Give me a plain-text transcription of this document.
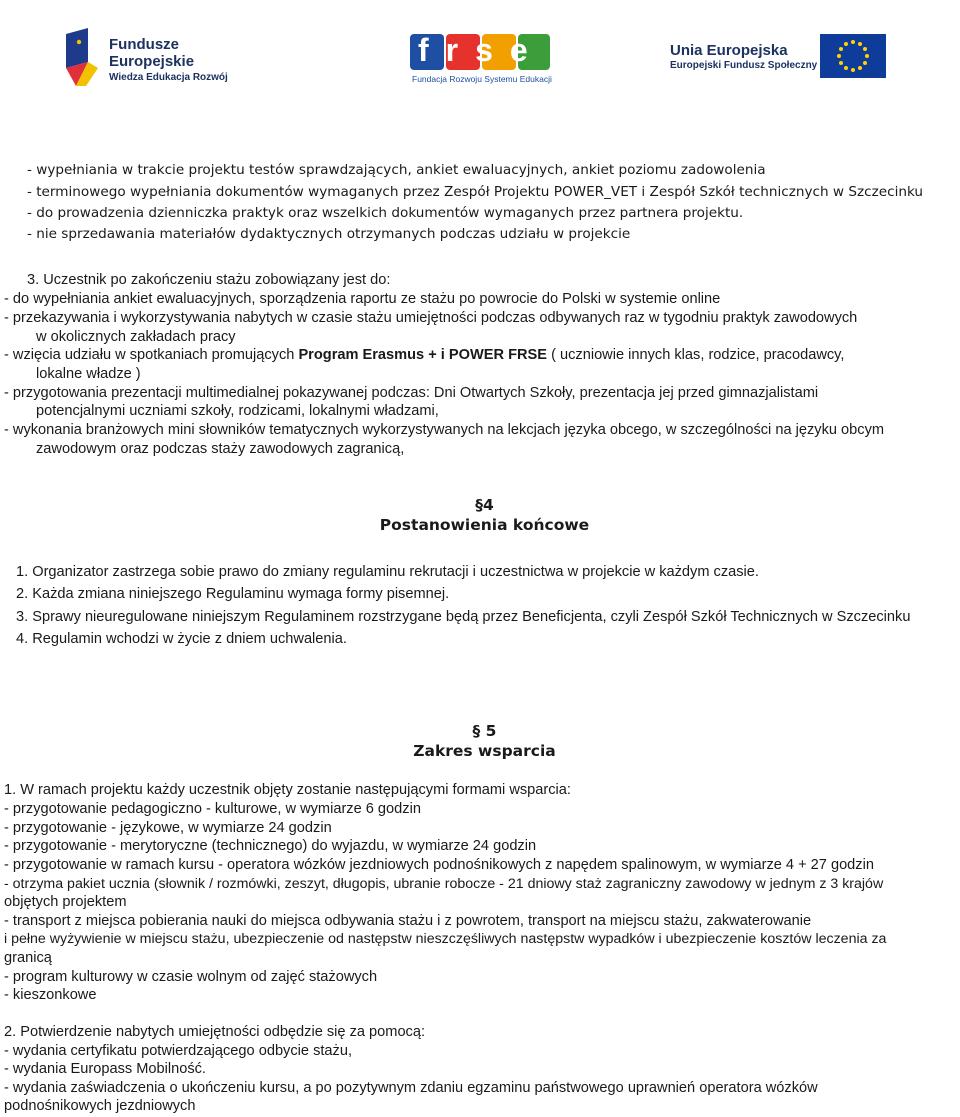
Fundusze
Europejskie
Wiedza Edukacja Rozwój
frse
Fundacja Rozwoju Systemu Edukacji
Unia Europejska
Europejski Fundusz Społeczny
- wypełniania w trakcie projektu testów sprawdzających, ankiet ewaluacyjnych, ankiet poziomu zadowolenia
- terminowego wypełniania dokumentów wymaganych przez Zespół Projektu POWER_VET i Zespół Szkół technicznych w Szczecinku
- do prowadzenia dzienniczka praktyk oraz wszelkich dokumentów wymaganych przez partnera projektu.
- nie sprzedawania materiałów dydaktycznych otrzymanych podczas udziału w projekcie
3. Uczestnik po zakończeniu stażu zobowiązany jest do:
- do wypełniania ankiet ewaluacyjnych, sporządzenia raportu ze stażu po powrocie do Polski w systemie online
- przekazywania i wykorzystywania nabytych w czasie stażu umiejętności podczas odbywanych raz w tygodniu praktyk zawodowych
w okolicznych zakładach pracy
- wzięcia udziału w spotkaniach promujących Program Erasmus + i POWER FRSE ( uczniowie innych klas, rodzice, pracodawcy,
lokalne władze )
- przygotowania prezentacji multimedialnej pokazywanej podczas: Dni Otwartych Szkoły, prezentacja jej przed gimnazjalistami
potencjalnymi uczniami szkoły, rodzicami, lokalnymi władzami,
- wykonania branżowych mini słowników tematycznych wykorzystywanych na lekcjach języka obcego, w szczególności na języku obcym
zawodowym oraz podczas staży zawodowych zagranicą,
§4
Postanowienia końcowe
1. Organizator zastrzega sobie prawo do zmiany regulaminu rekrutacji i uczestnictwa w projekcie w każdym czasie.
2. Każda zmiana niniejszego Regulaminu wymaga formy pisemnej.
3. Sprawy nieuregulowane niniejszym Regulaminem rozstrzygane będą przez Beneficjenta, czyli Zespół Szkół Technicznych w Szczecinku
4. Regulamin wchodzi w życie z dniem uchwalenia.
§ 5
Zakres wsparcia
1. W ramach projektu każdy uczestnik objęty zostanie następującymi formami wsparcia:
- przygotowanie pedagogiczno - kulturowe, w wymiarze 6 godzin
- przygotowanie - językowe, w wymiarze 24 godzin
- przygotowanie - merytoryczne (technicznego) do wyjazdu, w wymiarze 24 godzin
- przygotowanie w ramach kursu - operatora wózków jezdniowych podnośnikowych z napędem spalinowym, w wymiarze 4 + 27 godzin
- otrzyma pakiet ucznia (słownik / rozmówki, zeszyt, długopis, ubranie robocze - 21 dniowy staż zagraniczny zawodowy w jednym z 3 krajów
objętych projektem
- transport z miejsca pobierania nauki do miejsca odbywania stażu i z powrotem, transport na miejscu stażu, zakwaterowanie
i pełne wyżywienie w miejscu stażu, ubezpieczenie od następstw nieszczęśliwych następstw wypadków i ubezpieczenie kosztów leczenia za
granicą
- program kulturowy w czasie wolnym od zajęć stażowych
- kieszonkowe
2. Potwierdzenie nabytych umiejętności odbędzie się za pomocą:
- wydania certyfikatu potwierdzającego odbycie stażu,
- wydania Europass Mobilność.
- wydania zaświadczenia o ukończeniu kursu, a po pozytywnym zdaniu egzaminu państwowego uprawnień operatora wózków
podnośnikowych jezdniowych
